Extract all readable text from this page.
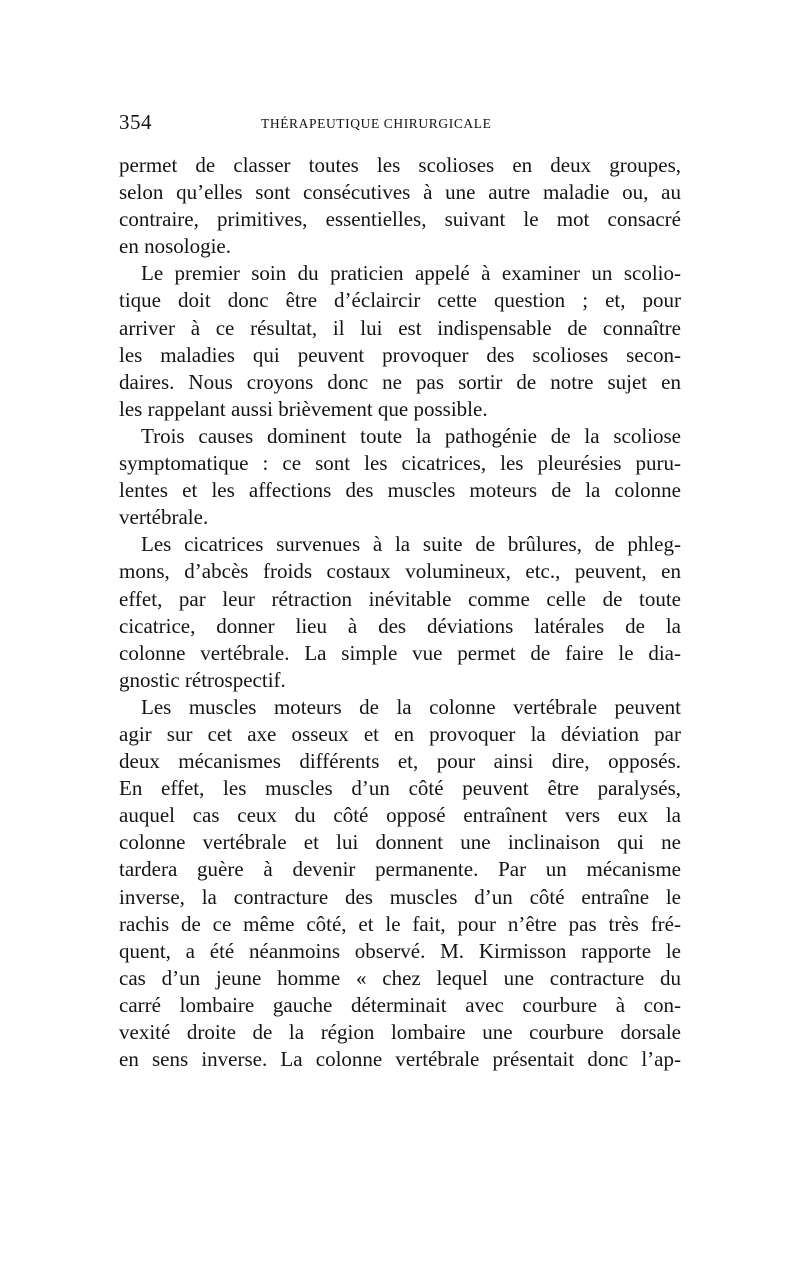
354	THÉRAPEUTIQUE CHIRURGICALE

permet de classer toutes les scolioses en deux groupes,
selon qu’elles sont consécutives à une autre maladie ou, au
contraire, primitives, essentielles, suivant le mot consacré
en nosologie.

Le premier soin du praticien appelé à examiner un scolio-
tique doit donc être d’éclaircir cette question ; et, pour
arriver à ce résultat, il lui est indispensable de connaître
les maladies qui peuvent provoquer des scolioses secon-
daires. Nous croyons donc ne pas sortir de notre sujet en
les rappelant aussi brièvement que possible.

Trois causes dominent toute la pathogénie de la scoliose
symptomatique : ce sont les cicatrices, les pleurésies puru-
lentes et les affections des muscles moteurs de la colonne
vertébrale.

Les cicatrices survenues à la suite de brûlures, de phleg-
mons, d’abcès froids costaux volumineux, etc., peuvent, en
effet, par leur rétraction inévitable comme celle de toute
cicatrice, donner lieu à des déviations latérales de la
colonne vertébrale. La simple vue permet de faire le dia-
gnostic rétrospectif.

Les muscles moteurs de la colonne vertébrale peuvent
agir sur cet axe osseux et en provoquer la déviation par
deux mécanismes différents et, pour ainsi dire, opposés.
En effet, les muscles d’un côté peuvent être paralysés,
auquel cas ceux du côté opposé entraînent vers eux la
colonne vertébrale et lui donnent une inclinaison qui ne
tardera guère à devenir permanente. Par un mécanisme
inverse, la contracture des muscles d’un côté entraîne le
rachis de ce même côté, et le fait, pour n’être pas très fré-
quent, a été néanmoins observé. M. Kirmisson rapporte le
cas d’un jeune homme « chez lequel une contracture du
carré lombaire gauche déterminait avec courbure à con-
vexité droite de la région lombaire une courbure dorsale
en sens inverse. La colonne vertébrale présentait donc l’ap-
